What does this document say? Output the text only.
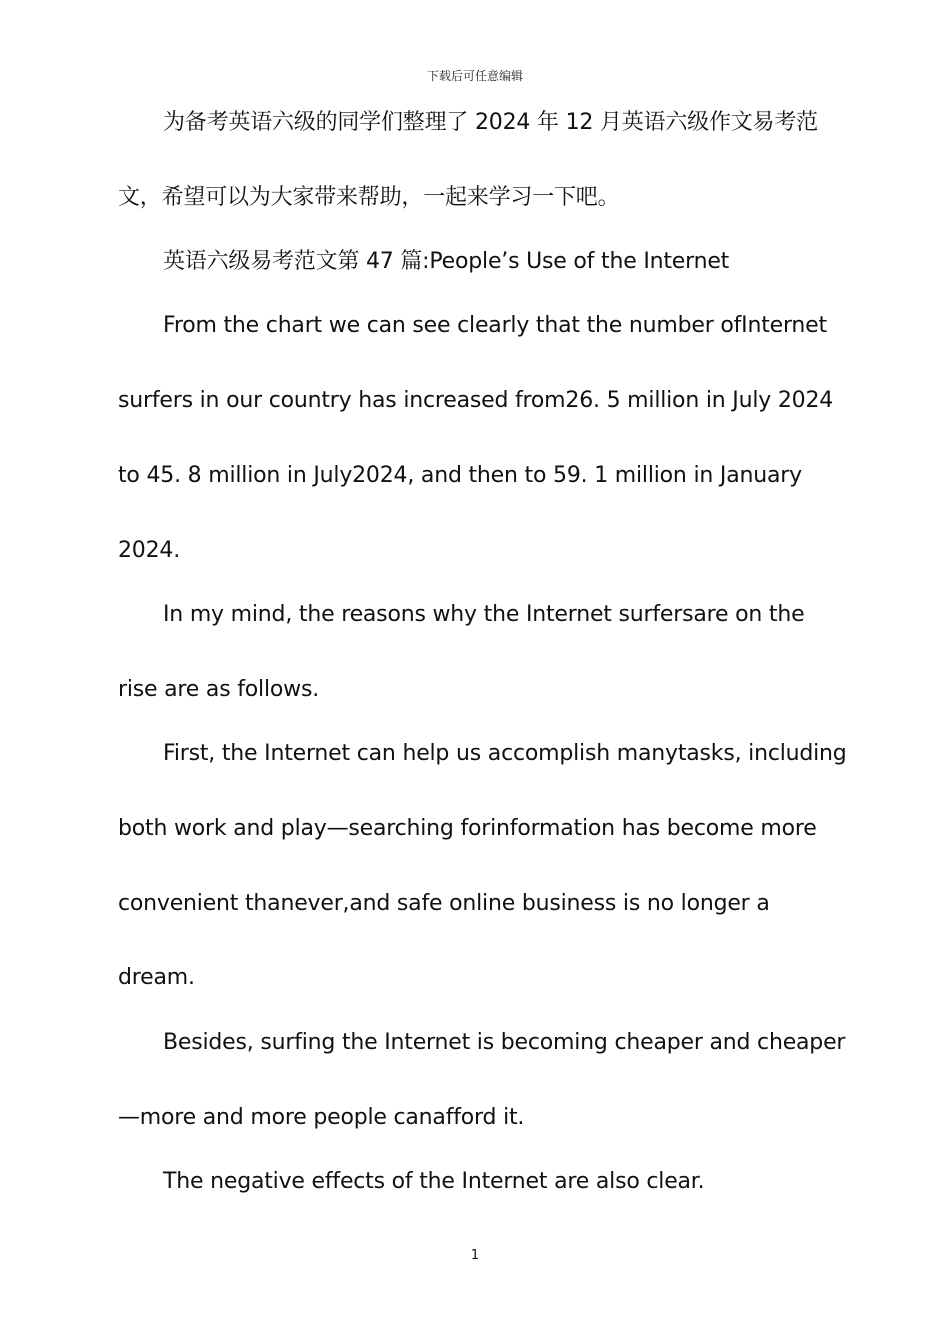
下载后可任意编辑
为备考英语六级的同学们整理了 2024 年 12 月英语六级作文易考范
文，希望可以为大家带来帮助，一起来学习一下吧。
英语六级易考范文第 47 篇:People’s Use of the Internet
From the chart we can see clearly that the number ofInternet
surfers in our country has increased from26. 5 million in July 2024
to 45. 8 million in July2024, and then to 59. 1 million in January
2024.
In my mind, the reasons why the Internet surfersare on the
rise are as follows.
First, the Internet can help us accomplish manytasks, including
both work and play—searching forinformation has become more
convenient thanever,and safe online business is no longer a
dream.
Besides, surfing the Internet is becoming cheaper and cheaper
—more and more people canafford it.
The negative effects of the Internet are also clear.
1
